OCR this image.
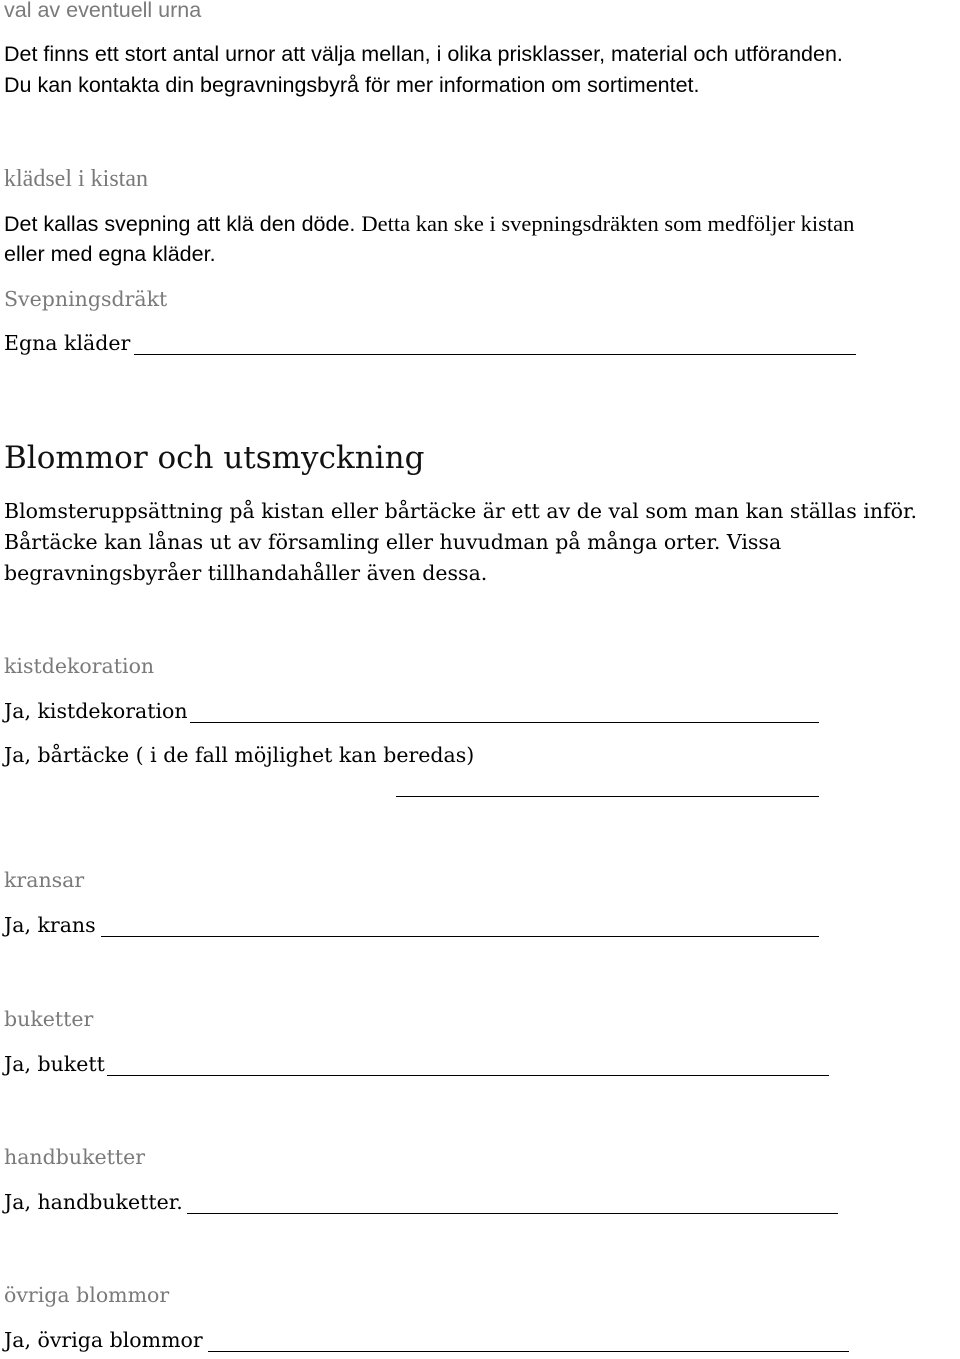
val av eventuell urna

Det finns ett stort antal urnor att välja mellan, i olika prisklasser, material och utföranden.

Du kan kontakta din begravningsbyrå för mer information om sortimentet.

klädsel i kistan

Det kallas svepning att klä den döde. Detta kan ske i svepningsdräkten som medföljer kistan

eller med egna kläder.

Svepningsdräkt

Egna kläder

Blommor och utsmyckning

Blomsteruppsättning på kistan eller bårtäcke är ett av de val som man kan ställas inför.

Bårtäcke kan lånas ut av församling eller huvudman på många orter. Vissa

begravningsbyråer tillhandahåller även dessa.

kistdekoration

Ja, kistdekoration

Ja, bårtäcke ( i de fall möjlighet kan beredas)

kransar

Ja, krans

buketter

Ja, bukett

handbuketter

Ja, handbuketter.

övriga blommor

Ja, övriga blommor
